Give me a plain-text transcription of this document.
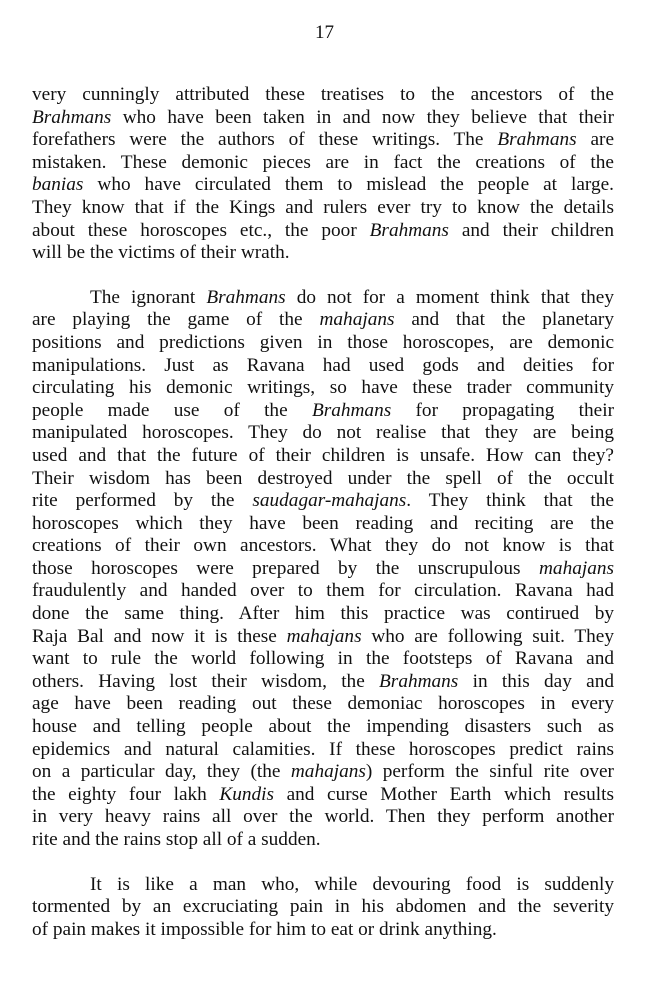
17

very cunningly attributed these treatises to the ancestors of the
Brahmans who have been taken in and now they believe that their
forefathers were the authors of these writings. The Brahmans are
mistaken. These demonic pieces are in fact the creations of the
banias who have circulated them to mislead the people at large.
They know that if the Kings and rulers ever try to know the details
about these horoscopes etc., the poor Brahmans and their children
will be the victims of their wrath.

The ignorant Brahmans do not for a moment think that they
are playing the game of the mahajans and that the planetary
positions and predictions given in those horoscopes, are demonic
manipulations. Just as Ravana had used gods and deities for
circulating his demonic writings, so have these trader community
people made use of the Brahmans for propagating their
manipulated horoscopes. They do not realise that they are being
used and that the future of their children is unsafe. How can they?
Their wisdom has been destroyed under the spell of the occult
rite performed by the saudagar-mahajans. They think that the
horoscopes which they have been reading and reciting are the
creations of their own ancestors. What they do not know is that
those horoscopes were prepared by the unscrupulous mahajans
fraudulently and handed over to them for circulation. Ravana had
done the same thing. After him this practice was contirued by
Raja Bal and now it is these mahajans who are following suit. They
want to rule the world following in the footsteps of Ravana and
others. Having lost their wisdom, the Brahmans in this day and
age have been reading out these demoniac horoscopes in every
house and telling people about the impending disasters such as
epidemics and natural calamities. If these horoscopes predict rains
on a particular day, they (the mahajans) perform the sinful rite over
the eighty four lakh Kundis and curse Mother Earth which results
in very heavy rains all over the world. Then they perform another
rite and the rains stop all of a sudden.

It is like a man who, while devouring food is suddenly
tormented by an excruciating pain in his abdomen and the severity
of pain makes it impossible for him to eat or drink anything.
